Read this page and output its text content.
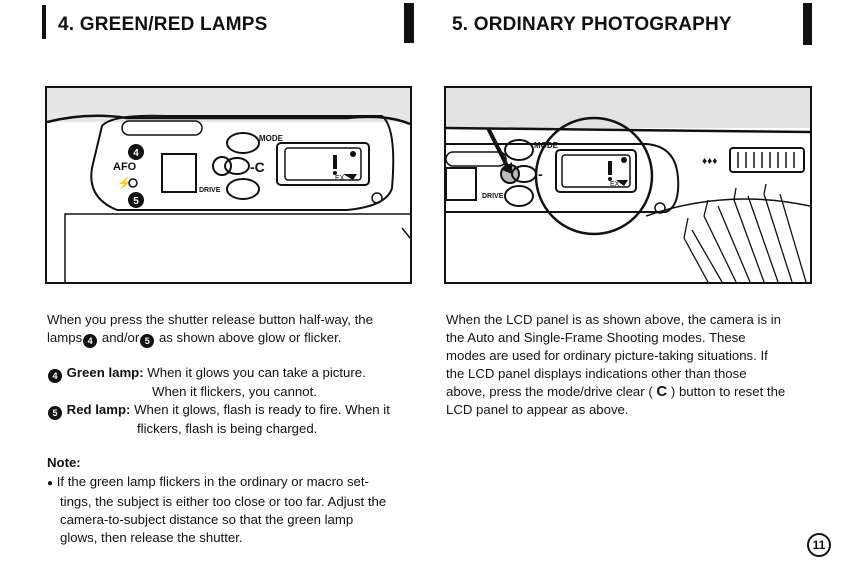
4. GREEN/RED LAMPS
4
5
AFO
⚡
MODE
-C
DRIVE
EX
When you press the shutter release button half-way, the
lamps 4 and/or 5 as shown above glow or flicker.
4 Green lamp: When it glows you can take a picture.
When it flickers, you cannot.
5 Red lamp: When it glows, flash is ready to fire. When it
flickers, flash is being charged.
Note:
● If the green lamp flickers in the ordinary or macro set-
tings, the subject is either too close or too far. Adjust the
camera-to-subject distance so that the green lamp
glows, then release the shutter.
5. ORDINARY PHOTOGRAPHY
MODE
-
DRIVE
EX
♦♦♦
When the LCD panel is as shown above, the camera is in
the Auto and Single-Frame Shooting modes. These
modes are used for ordinary picture-taking situations. If
the LCD panel displays indications other than those
above, press the mode/drive clear ( C ) button to reset the
LCD panel to appear as above.
11
